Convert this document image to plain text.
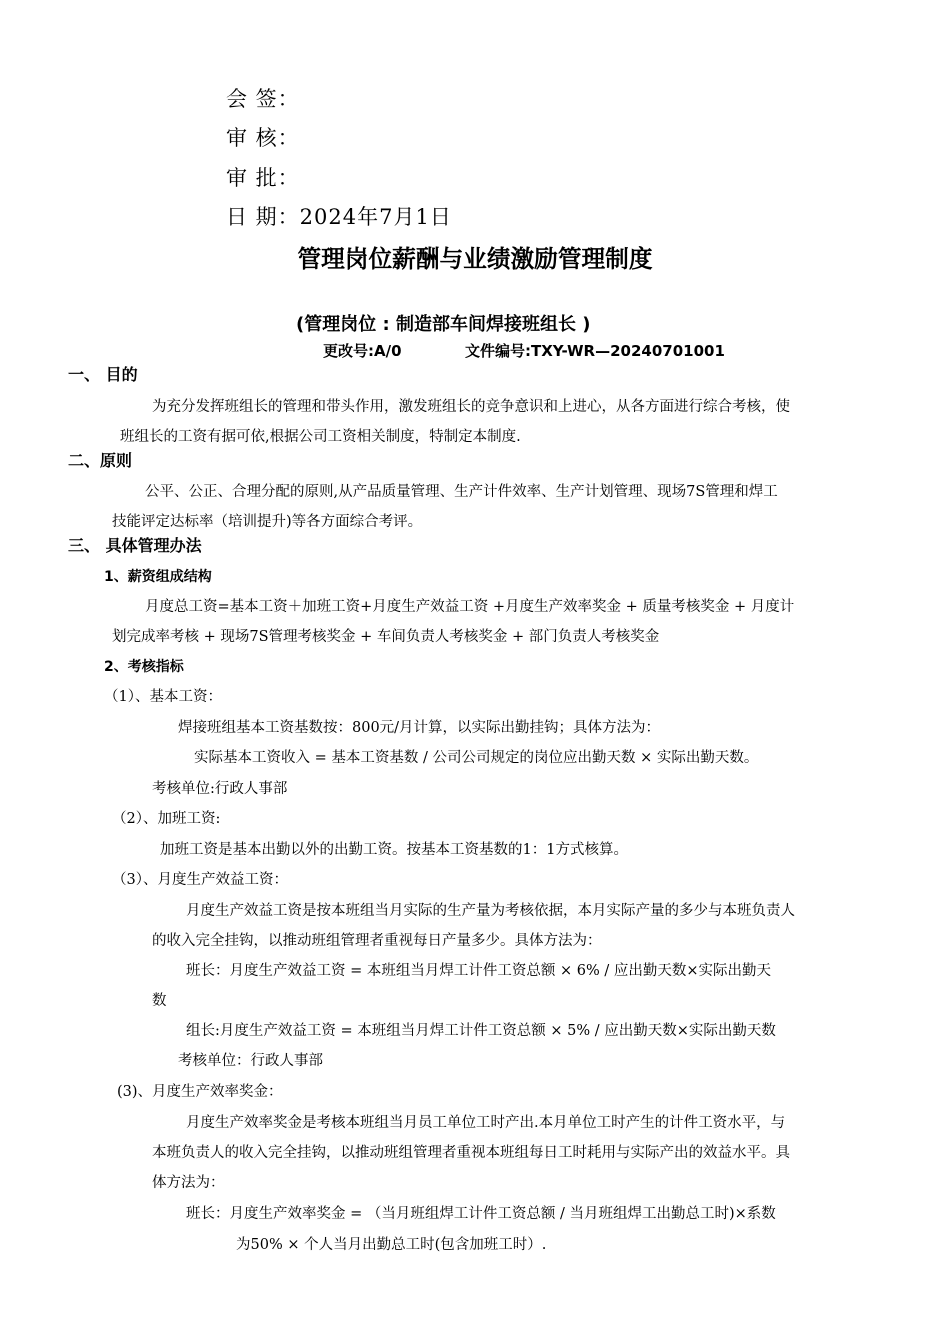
会 签：
审 核：
审 批：
日 期：2024年7月1日
管理岗位薪酬与业绩激励管理制度
(管理岗位 : 制造部车间焊接班组长 )
更改号:A/0	文件编号:TXY-WR—20240701001
一、 目的
为充分发挥班组长的管理和带头作用，激发班组长的竞争意识和上进心，从各方面进行综合考核，使
班组长的工资有据可依,根据公司工资相关制度，特制定本制度.
二、原则
公平、公正、合理分配的原则,从产品质量管理、生产计件效率、生产计划管理、现场7S管理和焊工
技能评定达标率（培训提升)等各方面综合考评。
三、 具体管理办法
1、薪资组成结构
月度总工资=基本工资＋加班工资+月度生产效益工资 +月度生产效率奖金 + 质量考核奖金 + 月度计
划完成率考核 + 现场7S管理考核奖金 + 车间负责人考核奖金 + 部门负责人考核奖金
2、考核指标
（1）、基本工资：
焊接班组基本工资基数按：800元/月计算，以实际出勤挂钩；具体方法为：
实际基本工资收入 = 基本工资基数 / 公司公司规定的岗位应出勤天数 × 实际出勤天数。
考核单位:行政人事部
（2）、加班工资:
加班工资是基本出勤以外的出勤工资。按基本工资基数的1：1方式核算。
（3）、月度生产效益工资：
月度生产效益工资是按本班组当月实际的生产量为考核依据，本月实际产量的多少与本班负责人
的收入完全挂钩，以推动班组管理者重视每日产量多少。具体方法为：
班长：月度生产效益工资 = 本班组当月焊工计件工资总额 × 6% / 应出勤天数×实际出勤天
数
组长:月度生产效益工资 = 本班组当月焊工计件工资总额 × 5% / 应出勤天数×实际出勤天数
考核单位：行政人事部
(3)、月度生产效率奖金：
月度生产效率奖金是考核本班组当月员工单位工时产出.本月单位工时产生的计件工资水平，与
本班负责人的收入完全挂钩，以推动班组管理者重视本班组每日工时耗用与实际产出的效益水平。具
体方法为：
班长：月度生产效率奖金 = （当月班组焊工计件工资总额 / 当月班组焊工出勤总工时)×系数
为50% × 个人当月出勤总工时(包含加班工时）.
